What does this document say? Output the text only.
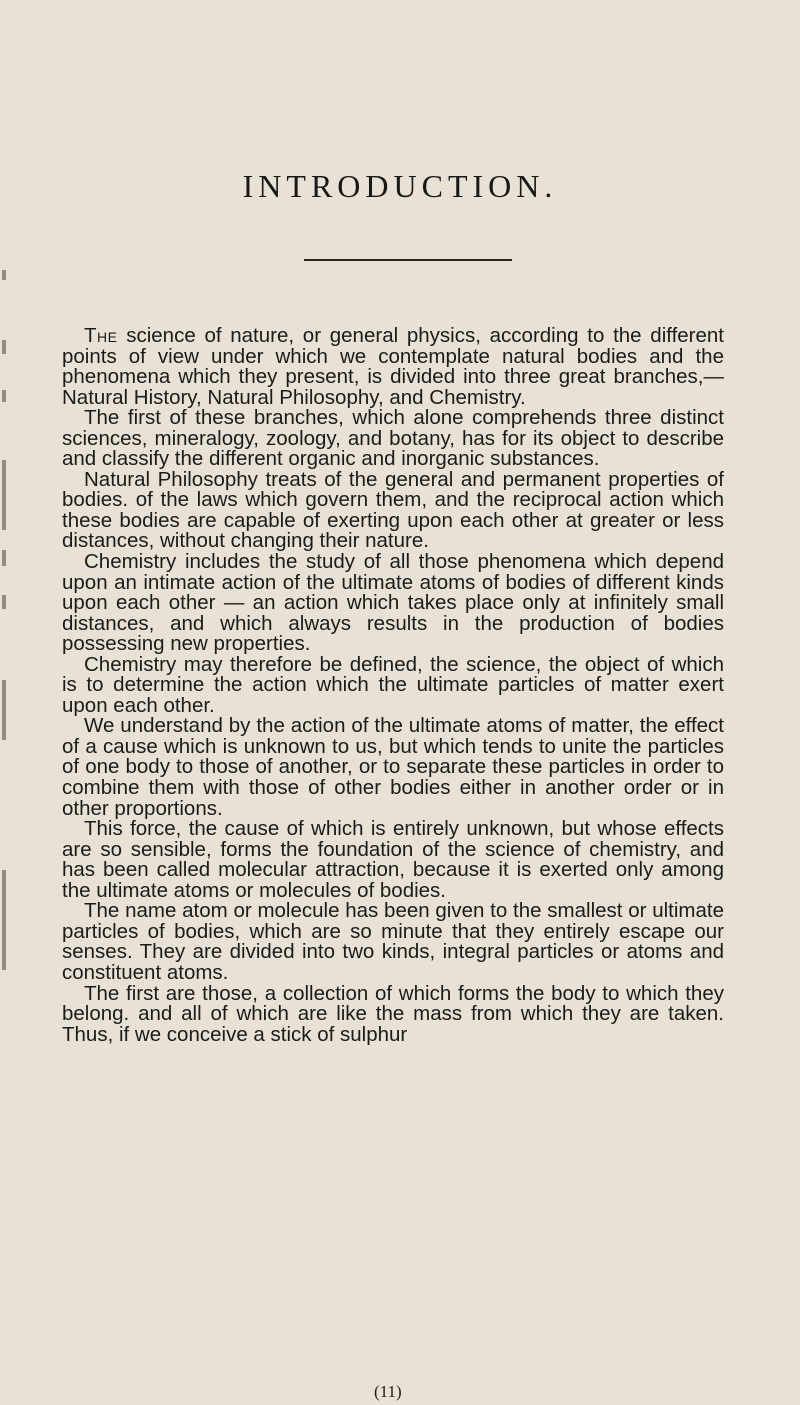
INTRODUCTION.

The science of nature, or general physics, according to the different points of view under which we contemplate natural bodies and the phenomena which they present, is divided into three great branches,—Natural History, Natural Philosophy, and Chemistry.

The first of these branches, which alone comprehends three distinct sciences, mineralogy, zoology, and botany, has for its object to describe and classify the different organic and inorganic substances.

Natural Philosophy treats of the general and permanent properties of bodies. of the laws which govern them, and the reciprocal action which these bodies are capable of exerting upon each other at greater or less distances, without changing their nature.

Chemistry includes the study of all those phenomena which depend upon an intimate action of the ultimate atoms of bodies of different kinds upon each other — an action which takes place only at infinitely small distances, and which always results in the production of bodies possessing new properties.

Chemistry may therefore be defined, the science, the object of which is to determine the action which the ultimate particles of matter exert upon each other.

We understand by the action of the ultimate atoms of matter, the effect of a cause which is unknown to us, but which tends to unite the particles of one body to those of another, or to separate these particles in order to combine them with those of other bodies either in another order or in other proportions.

This force, the cause of which is entirely unknown, but whose effects are so sensible, forms the foundation of the science of chemistry, and has been called molecular attraction, because it is exerted only among the ultimate atoms or molecules of bodies.

The name atom or molecule has been given to the smallest or ultimate particles of bodies, which are so minute that they entirely escape our senses. They are divided into two kinds, integral particles or atoms and constituent atoms.

The first are those, a collection of which forms the body to which they belong. and all of which are like the mass from which they are taken. Thus, if we conceive a stick of sulphur

(11)
